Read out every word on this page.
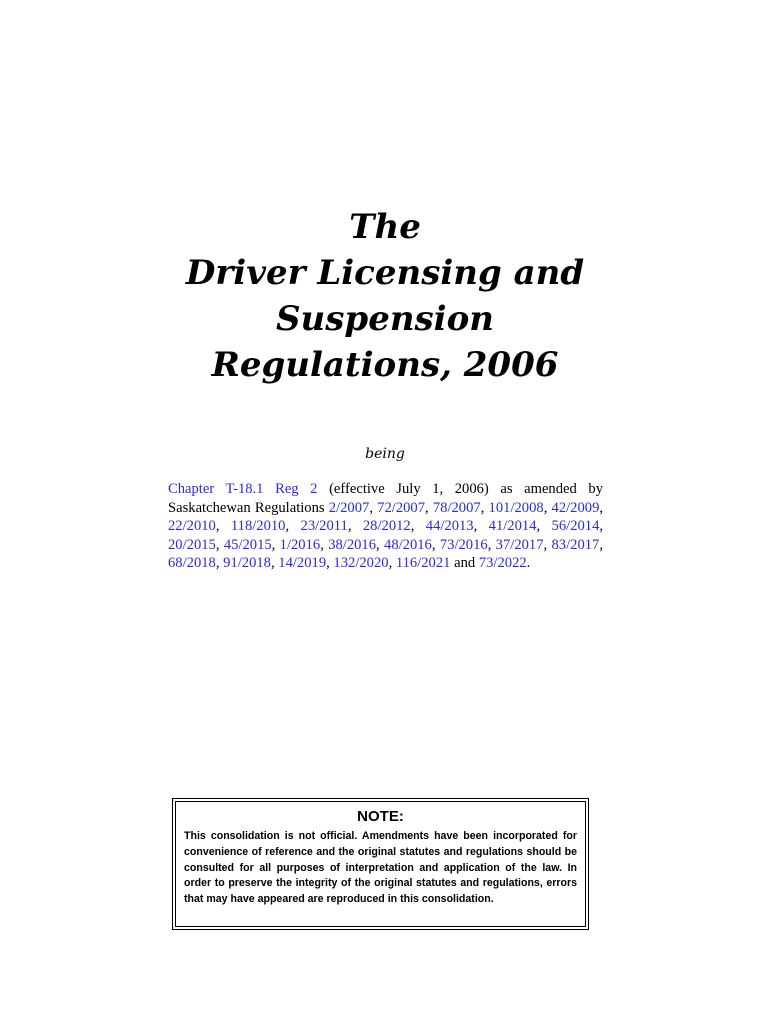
The
Driver Licensing and
Suspension
Regulations, 2006
being
Chapter T-18.1 Reg 2 (effective July 1, 2006) as amended by Saskatchewan Regulations 2/2007, 72/2007, 78/2007, 101/2008, 42/2009, 22/2010, 118/2010, 23/2011, 28/2012, 44/2013, 41/2014, 56/2014, 20/2015, 45/2015, 1/2016, 38/2016, 48/2016, 73/2016, 37/2017, 83/2017, 68/2018, 91/2018, 14/2019, 132/2020, 116/2021 and 73/2022.
NOTE:
This consolidation is not official. Amendments have been incorporated for convenience of reference and the original statutes and regulations should be consulted for all purposes of interpretation and application of the law. In order to preserve the integrity of the original statutes and regulations, errors that may have appeared are reproduced in this consolidation.
